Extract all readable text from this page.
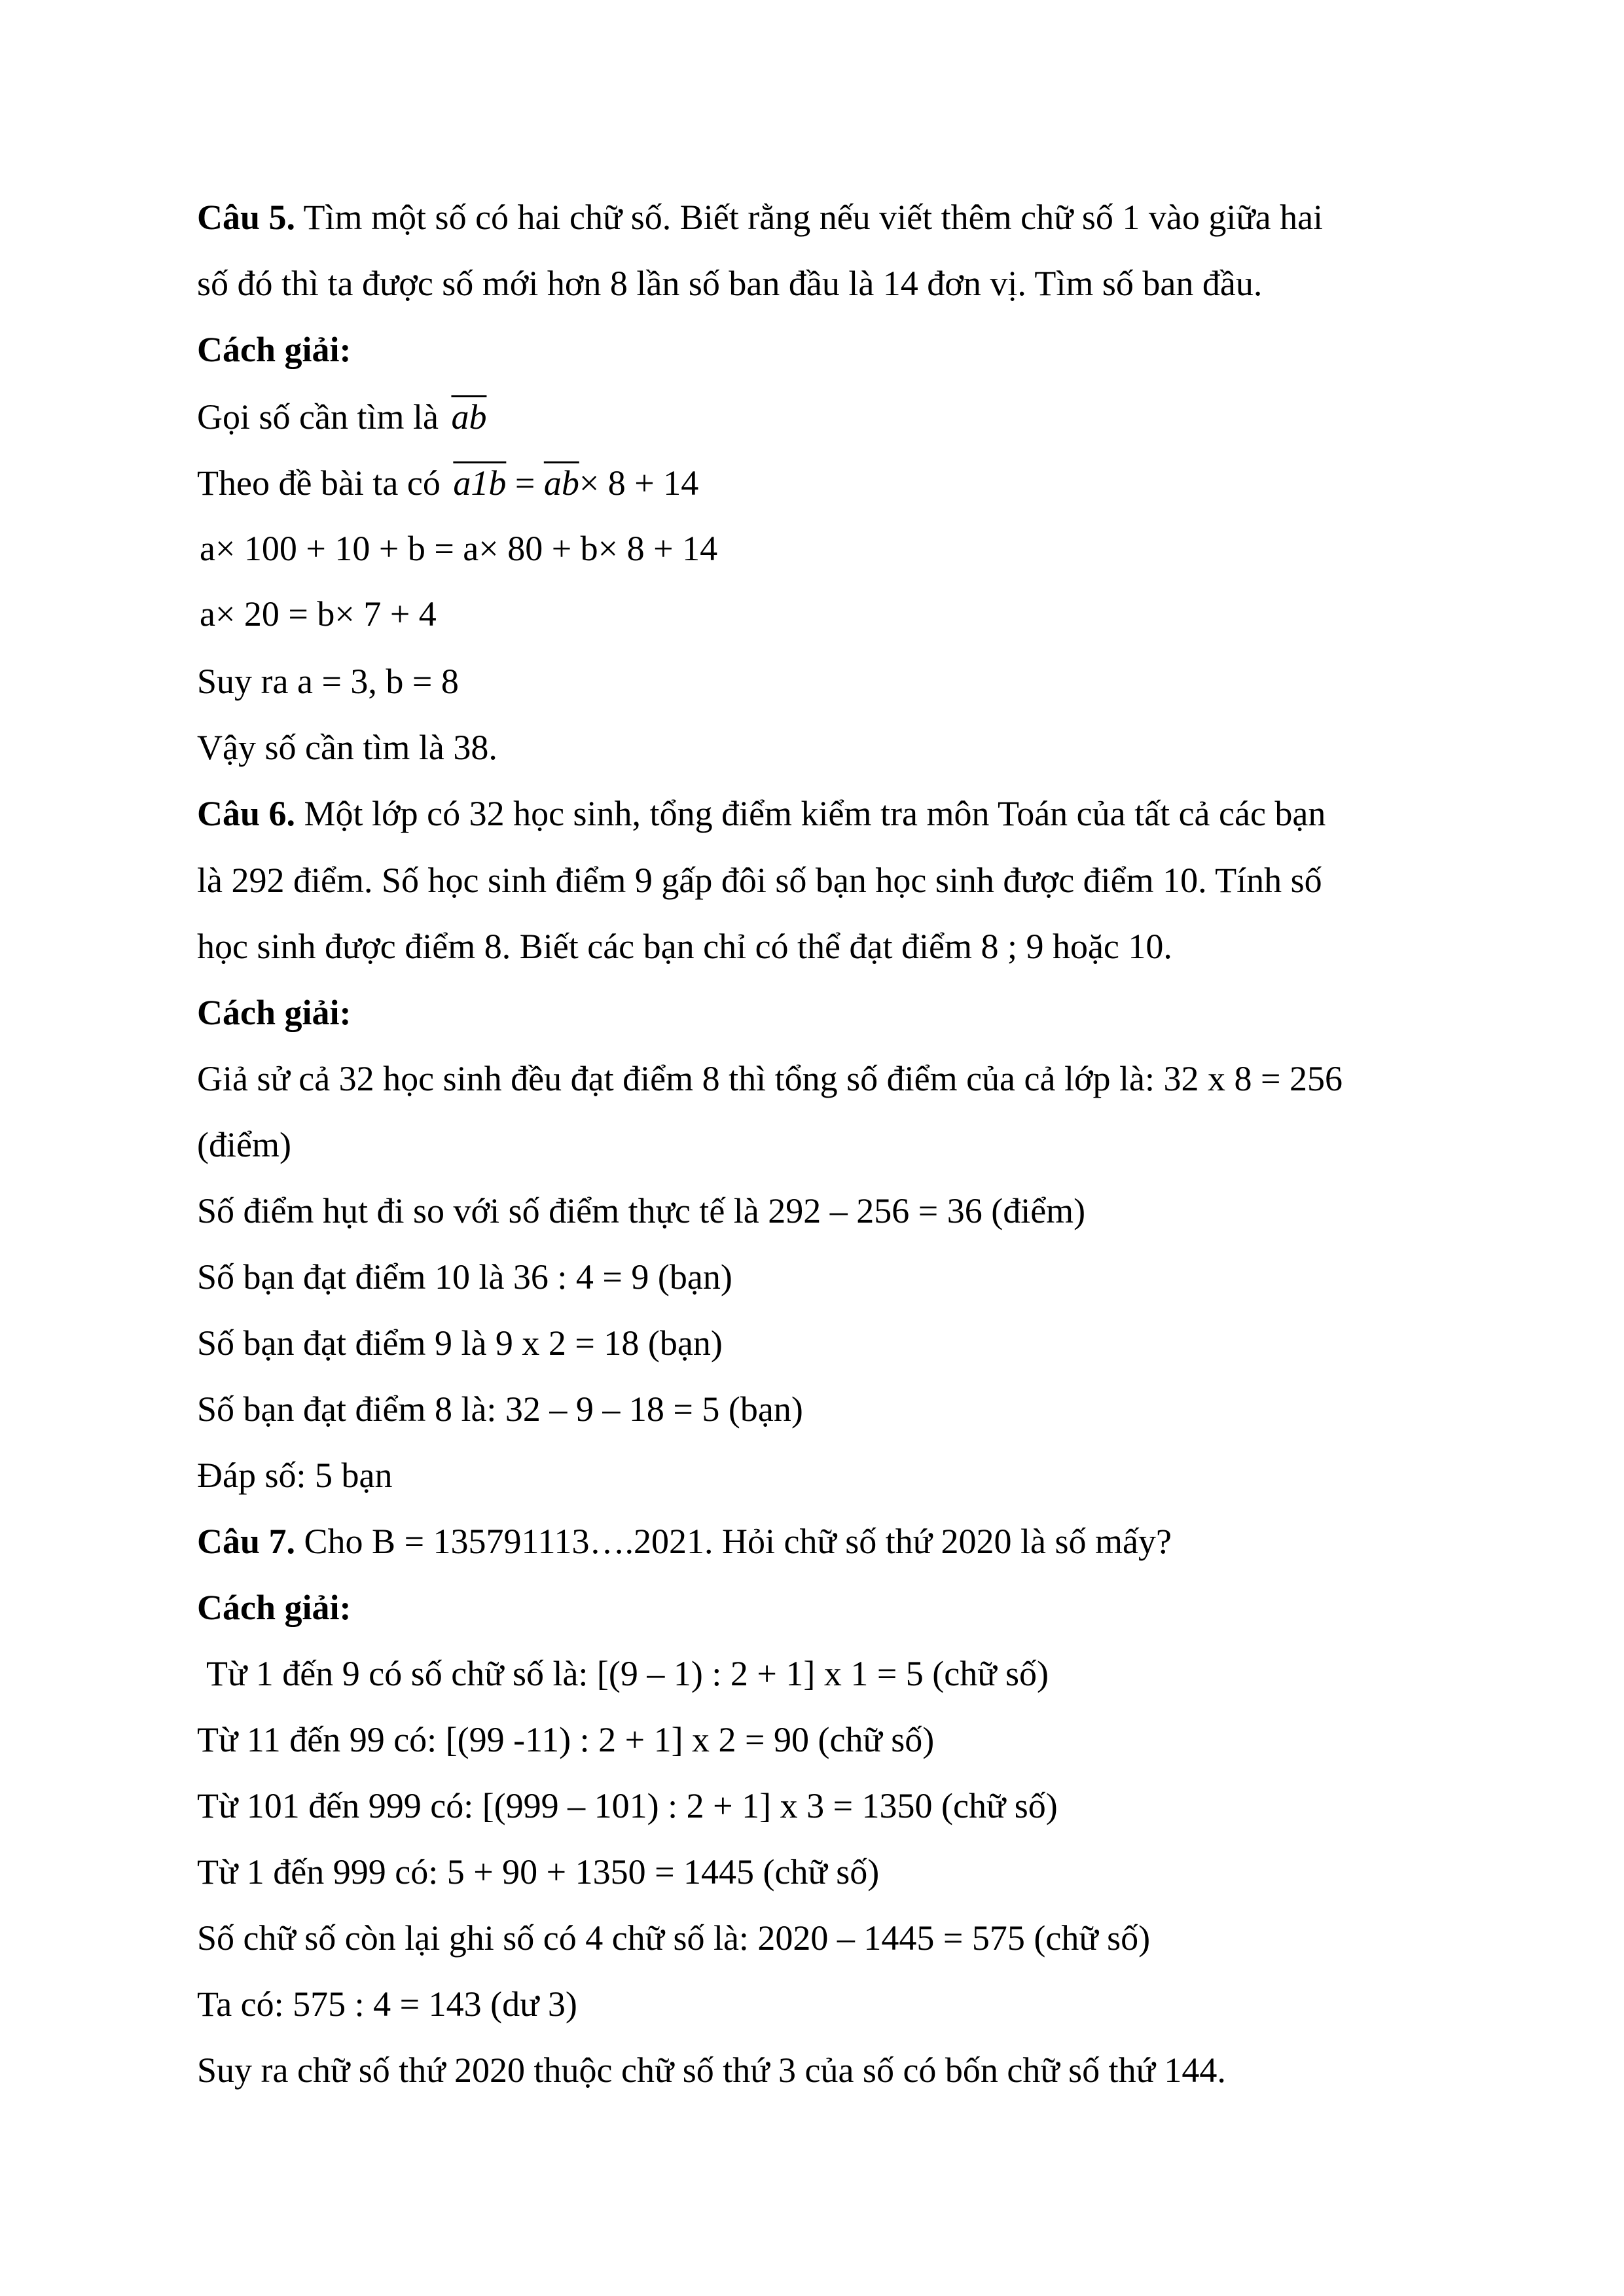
Câu 5. Tìm một số có hai chữ số. Biết rằng nếu viết thêm chữ số 1 vào giữa hai

số đó thì ta được số mới hơn 8 lần số ban đầu là 14 đơn vị. Tìm số ban đầu.

Cách giải:

Gọi số cần tìm là $\overline{ab}$

Theo đề bài ta có $a1b = \overline{ab}\times 8 + 14$

a× 100 + 10 + b = a× 80 + b× 8 + 14

a× 20 = b× 7 + 4

Suy ra a = 3, b = 8

Vậy số cần tìm là 38.

Câu 6. Một lớp có 32 học sinh, tổng điểm kiểm tra môn Toán của tất cả các bạn

là 292 điểm. Số học sinh điểm 9 gấp đôi số bạn học sinh được điểm 10. Tính số

học sinh được điểm 8. Biết các bạn chỉ có thể đạt điểm 8 ; 9 hoặc 10.

Cách giải:

Giả sử cả 32 học sinh đều đạt điểm 8 thì tổng số điểm của cả lớp là: 32 x 8 = 256

(điểm)

Số điểm hụt đi so với số điểm thực tế là 292 – 256 = 36 (điểm)

Số bạn đạt điểm 10 là 36 : 4 = 9 (bạn)

Số bạn đạt điểm 9 là 9 x 2 = 18 (bạn)

Số bạn đạt điểm 8 là: 32 – 9 – 18 = 5 (bạn)

Đáp số: 5 bạn

Câu 7. Cho B = 135791113….2021. Hỏi chữ số thứ 2020 là số mấy?

Cách giải:

Từ 1 đến 9 có số chữ số là: [(9 – 1) : 2 + 1] x 1 = 5 (chữ số)

Từ 11 đến 99 có: [(99 -11) : 2 + 1] x 2 = 90 (chữ số)

Từ 101 đến 999 có: [(999 – 101) : 2 + 1] x 3 = 1350 (chữ số)

Từ 1 đến 999 có: 5 + 90 + 1350 = 1445 (chữ số)

Số chữ số còn lại ghi số có 4 chữ số là: 2020 – 1445 = 575 (chữ số)

Ta có: 575 : 4 = 143 (dư 3)

Suy ra chữ số thứ 2020 thuộc chữ số thứ 3 của số có bốn chữ số thứ 144.
